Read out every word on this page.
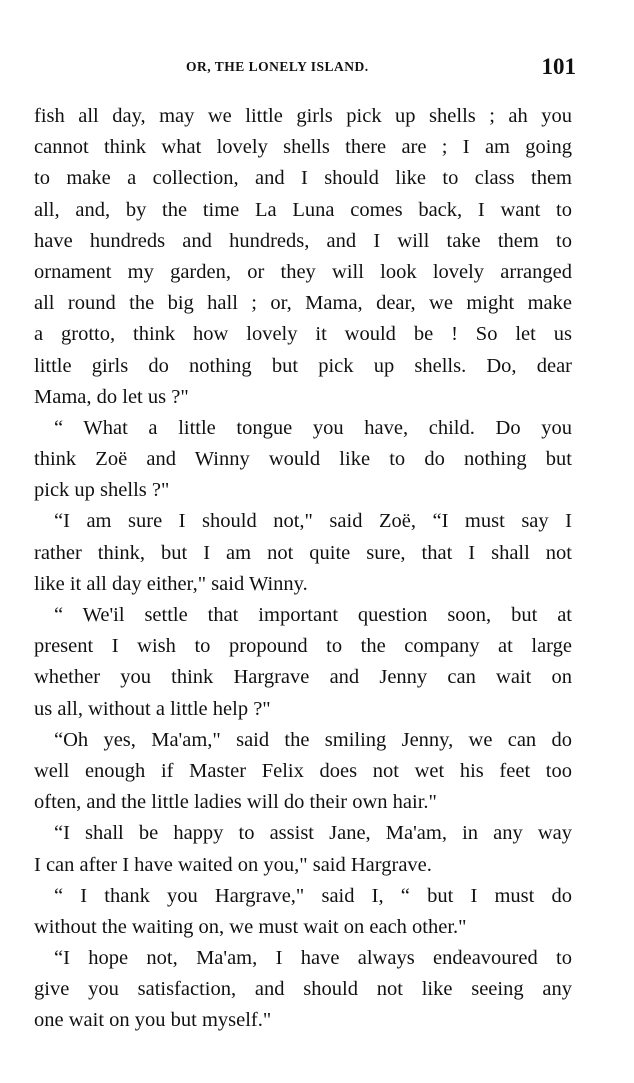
OR, THE LONELY ISLAND.	101
fish all day, may we little girls pick up shells ; ah you
cannot think what lovely shells there are ; I am going
to make a collection, and I should like to class them
all, and, by the time La Luna comes back, I want to
have hundreds and hundreds, and I will take them to
ornament my garden, or they will look lovely arranged
all round the big hall ; or, Mama, dear, we might make
a grotto, think how lovely it would be ! So let us
little girls do nothing but pick up shells. Do, dear
Mama, do let us ?"
“ What a little tongue you have, child. Do you
think Zoë and Winny would like to do nothing but
pick up shells ?"
“I am sure I should not," said Zoë, “I must say I
rather think, but I am not quite sure, that I shall not
like it all day either," said Winny.
“ We'il settle that important question soon, but at
present I wish to propound to the company at large
whether you think Hargrave and Jenny can wait on
us all, without a little help ?"
“Oh yes, Ma'am," said the smiling Jenny, we can do
well enough if Master Felix does not wet his feet too
often, and the little ladies will do their own hair."
“I shall be happy to assist Jane, Ma'am, in any way
I can after I have waited on you," said Hargrave.
“ I thank you Hargrave," said I, “ but I must do
without the waiting on, we must wait on each other."
“I hope not, Ma'am, I have always endeavoured to
give you satisfaction, and should not like seeing any
one wait on you but myself."
